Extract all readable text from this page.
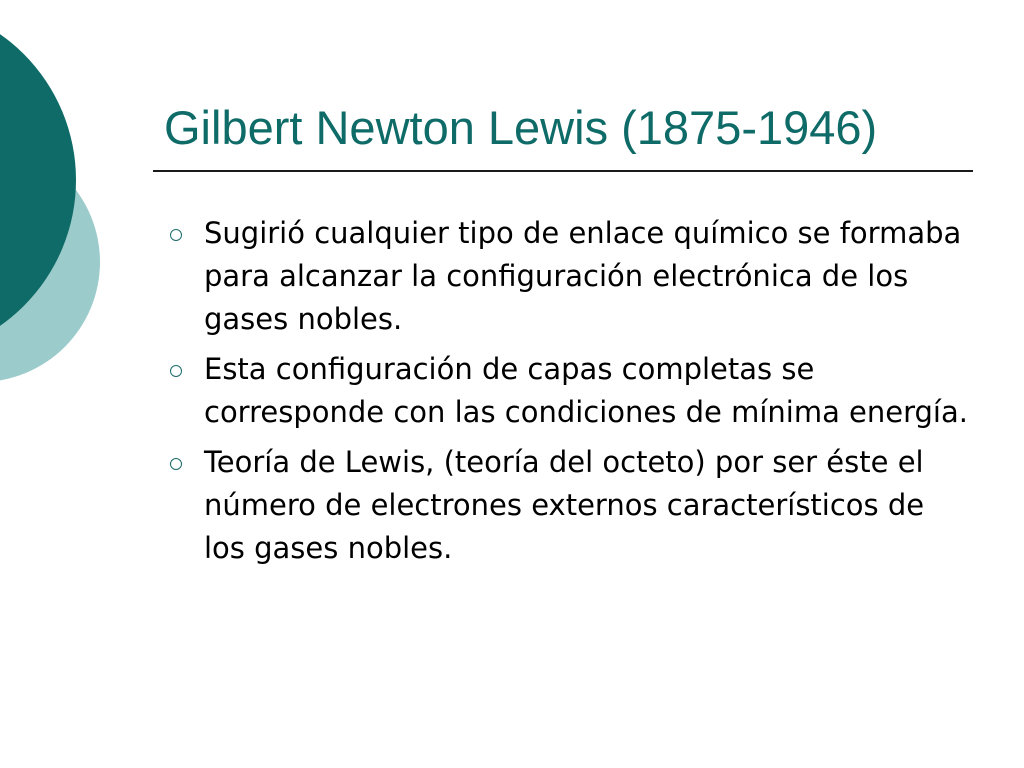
Gilbert Newton Lewis (1875-1946)
Sugirió cualquier tipo de enlace químico se formaba para alcanzar la configuración electrónica de los gases nobles.
Esta configuración de capas completas se corresponde con las condiciones de mínima energía.
Teoría de Lewis, (teoría del octeto) por ser éste el número de electrones externos característicos de los gases nobles.
